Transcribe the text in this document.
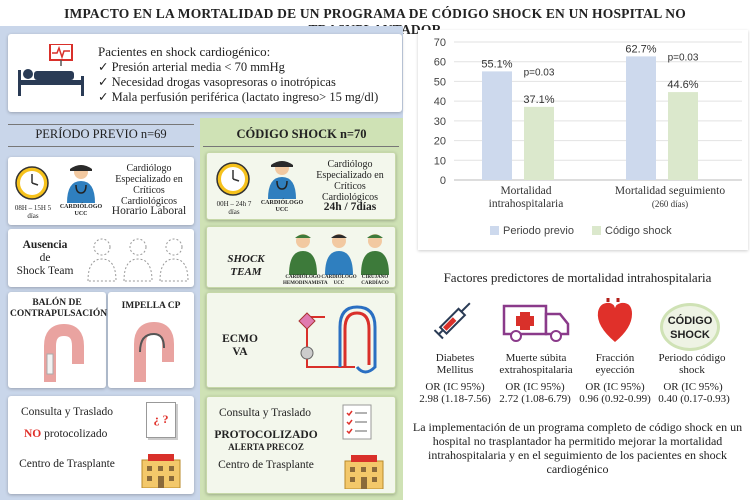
IMPACTO EN LA MORTALIDAD DE UN PROGRAMA DE CÓDIGO SHOCK EN UN HOSPITAL NO
Pacientes en shock cardiogénico:
✓ Presión arterial media < 70 mmHg
✓ Necesidad drogas vasopresoras o inotrópicas
✓ Mala perfusión periférica (lactato ingreso> 15 mg/dl)
PERÍODO PREVIO n=69	CÓDIGO SHOCK n=70
08H – 15H 5 días
CARDIÓLOGO UCC
Cardiólogo Especializado en Críticos Cardiológicos
Horario Laboral
00H – 24h 7 días
CARDIÓLOGO UCC
Cardiólogo Especializado en Críticos Cardiológicos
24h / 7días
Ausencia
de
Shock Team
SHOCK TEAM	CARDIÓLOGO HEMODINAMISTA
CARDIÓLOGO UCC
CIRUJANO CARDÍACO
BALÓN DE CONTRAPULSACIÓN
IMPELLA CP
ECMO VA
Consulta y Traslado
NO protocolizado
¿ ?
Centro de Trasplante
Consulta y Traslado
PROTOCOLIZADO
ALERTA PRECOZ
Centro de Trasplante
0
10
20
30
40
50
60
70
55.1%
37.1%
p=0.03
Mortalidad
intrahospitalaria
62.7%
44.6%
p=0.03
Mortalidad seguimiento
(260 días)
Periodo previo	Código shock
Factores predictores de mortalidad intrahospitalaria
CÓDIGO SHOCK
Diabetes Mellitus
Muerte súbita extrahospitalaria
Fracción eyección
Periodo código shock
OR (IC 95%)	OR (IC 95%)	OR (IC 95%)	OR (IC 95%)
2.98 (1.18-7.56) 2.72 (1.08-6.79) 0.96 (0.92-0.99) 0.40 (0.17-0.93)
La implementación de un programa completo de código shock en un hospital no trasplantador ha permitido mejorar la mortalidad intrahospitalaria y en el seguimiento de los pacientes en shock cardiogénico
